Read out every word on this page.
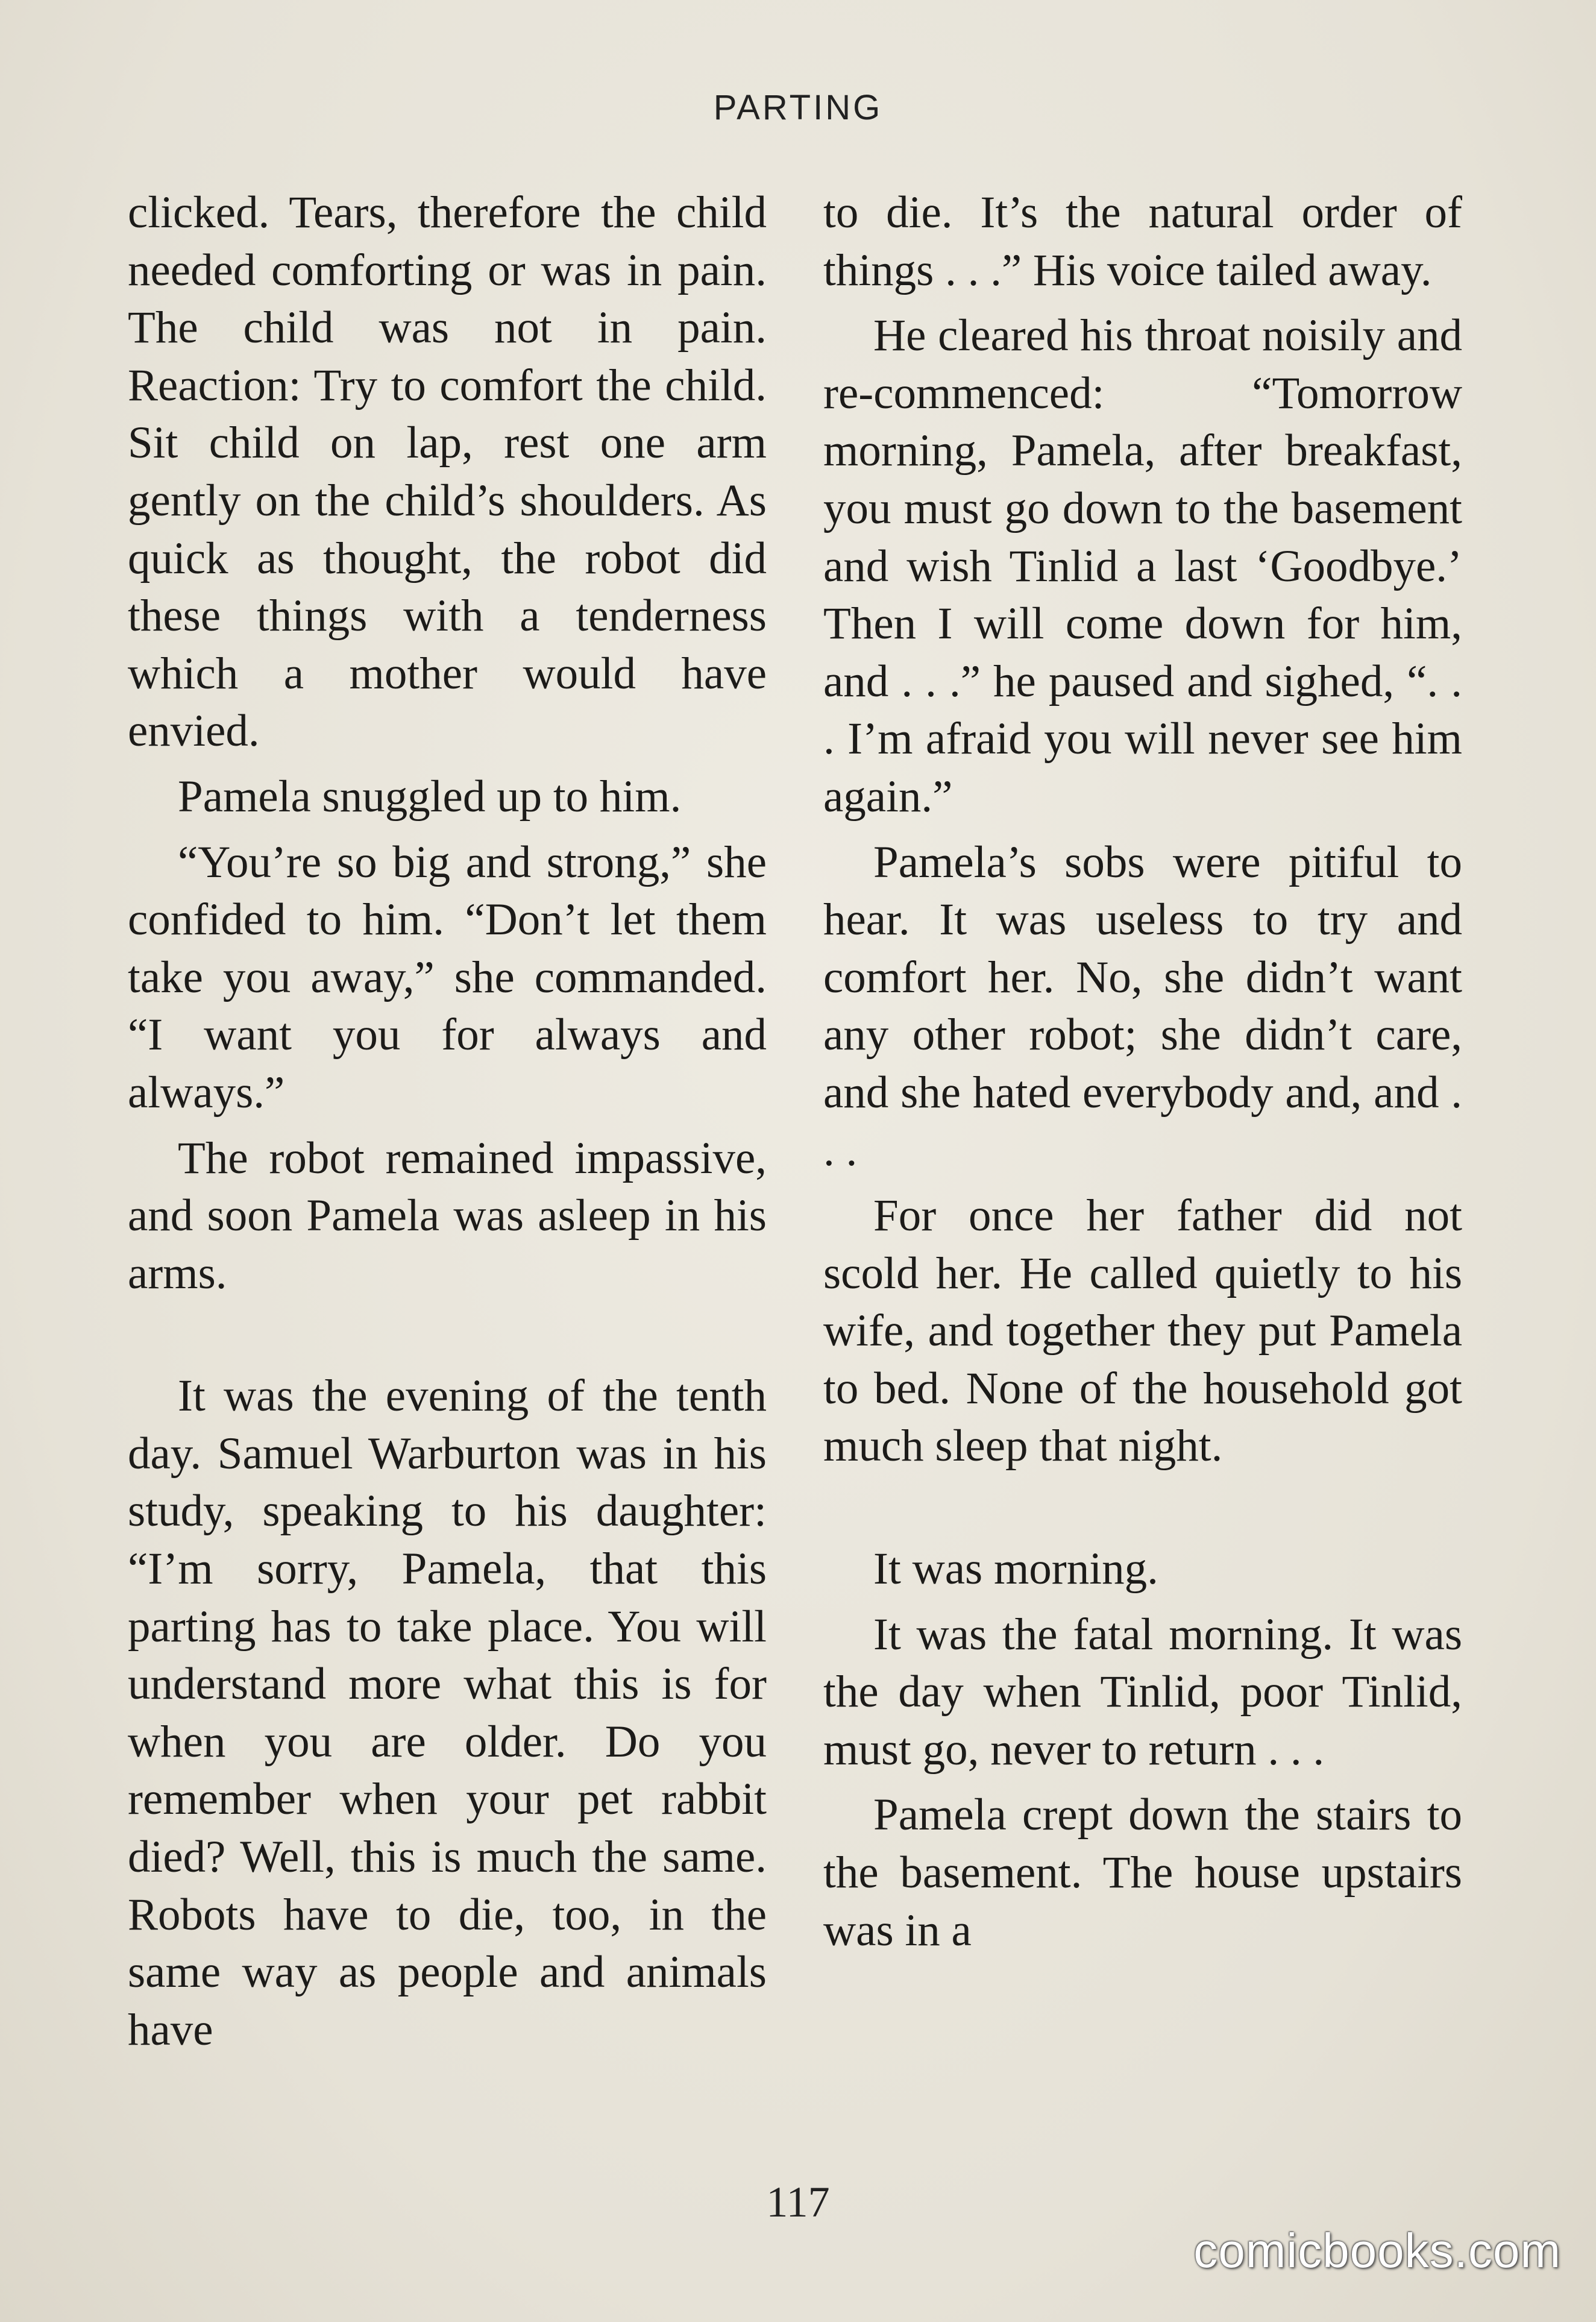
PARTING

clicked. Tears, therefore the child needed comforting or was in pain. The child was not in pain. Reaction: Try to comfort the child. Sit child on lap, rest one arm gently on the child’s shoulders. As quick as thought, the robot did these things with a tenderness which a mother would have envied.

Pamela snuggled up to him.

“You’re so big and strong,” she confided to him. “Don’t let them take you away,” she commanded. “I want you for always and always.”

The robot remained impassive, and soon Pamela was asleep in his arms.

It was the evening of the tenth day. Samuel Warburton was in his study, speaking to his daughter: “I’m sorry, Pamela, that this parting has to take place. You will understand more what this is for when you are older. Do you remember when your pet rabbit died? Well, this is much the same. Robots have to die, too, in the same way as people and animals have

to die. It’s the natural order of things . . .” His voice tailed away.

He cleared his throat noisily and re-commenced: “Tomorrow morning, Pamela, after breakfast, you must go down to the basement and wish Tinlid a last ‘Goodbye.’ Then I will come down for him, and . . .” he paused and sighed, “. . . I’m afraid you will never see him again.”

Pamela’s sobs were pitiful to hear. It was useless to try and comfort her. No, she didn’t want any other robot; she didn’t care, and she hated everybody and, and . . .

For once her father did not scold her. He called quietly to his wife, and together they put Pamela to bed. None of the household got much sleep that night.

It was morning.

It was the fatal morning. It was the day when Tinlid, poor Tinlid, must go, never to return . . .

Pamela crept down the stairs to the basement. The house upstairs was in a

117
comicbooks.com
